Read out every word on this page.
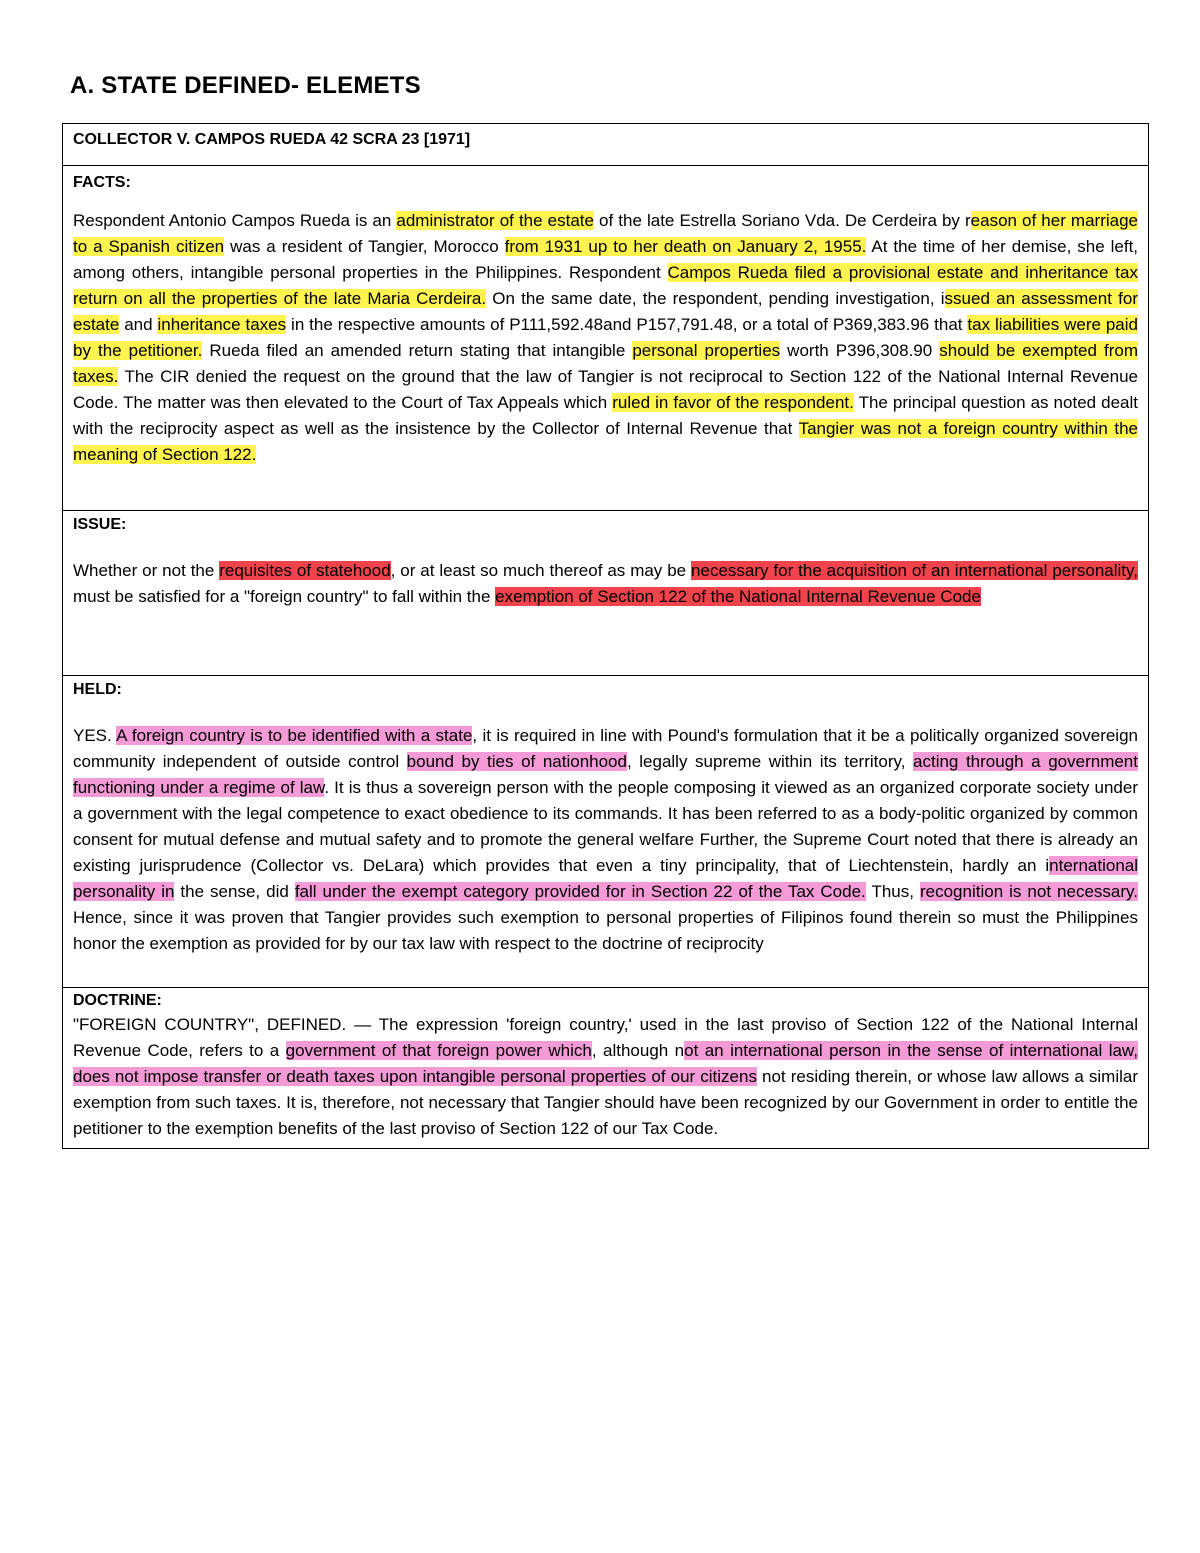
A. STATE DEFINED- ELEMETS

COLLECTOR V. CAMPOS RUEDA 42 SCRA 23 [1971]

FACTS:

Respondent Antonio Campos Rueda is an administrator of the estate of the late Estrella Soriano Vda. De Cerdeira by reason of her marriage to a Spanish citizen was a resident of Tangier, Morocco from 1931 up to her death on January 2, 1955. At the time of her demise, she left, among others, intangible personal properties in the Philippines. Respondent Campos Rueda filed a provisional estate and inheritance tax return on all the properties of the late Maria Cerdeira. On the same date, the respondent, pending investigation, issued an assessment for estate and inheritance taxes in the respective amounts of P111,592.48and P157,791.48, or a total of P369,383.96 that tax liabilities were paid by the petitioner. Rueda filed an amended return stating that intangible personal properties worth P396,308.90 should be exempted from taxes. The CIR denied the request on the ground that the law of Tangier is not reciprocal to Section 122 of the National Internal Revenue Code. The matter was then elevated to the Court of Tax Appeals which ruled in favor of the respondent. The principal question as noted dealt with the reciprocity aspect as well as the insistence by the Collector of Internal Revenue that Tangier was not a foreign country within the meaning of Section 122.

ISSUE:

Whether or not the requisites of statehood, or at least so much thereof as may be necessary for the acquisition of an international personality, must be satisfied for a "foreign country" to fall within the exemption of Section 122 of the National Internal Revenue Code

HELD:

YES. A foreign country is to be identified with a state, it is required in line with Pound's formulation that it be a politically organized sovereign community independent of outside control bound by ties of nationhood, legally supreme within its territory, acting through a government functioning under a regime of law. It is thus a sovereign person with the people composing it viewed as an organized corporate society under a government with the legal competence to exact obedience to its commands. It has been referred to as a body-politic organized by common consent for mutual defense and mutual safety and to promote the general welfare Further, the Supreme Court noted that there is already an existing jurisprudence (Collector vs. DeLara) which provides that even a tiny principality, that of Liechtenstein, hardly an international personality in the sense, did fall under the exempt category provided for in Section 22 of the Tax Code. Thus, recognition is not necessary. Hence, since it was proven that Tangier provides such exemption to personal properties of Filipinos found therein so must the Philippines honor the exemption as provided for by our tax law with respect to the doctrine of reciprocity

DOCTRINE:

"FOREIGN COUNTRY", DEFINED. — The expression 'foreign country,' used in the last proviso of Section 122 of the National Internal Revenue Code, refers to a government of that foreign power which, although not an international person in the sense of international law, does not impose transfer or death taxes upon intangible personal properties of our citizens not residing therein, or whose law allows a similar exemption from such taxes. It is, therefore, not necessary that Tangier should have been recognized by our Government in order to entitle the petitioner to the exemption benefits of the last proviso of Section 122 of our Tax Code.
